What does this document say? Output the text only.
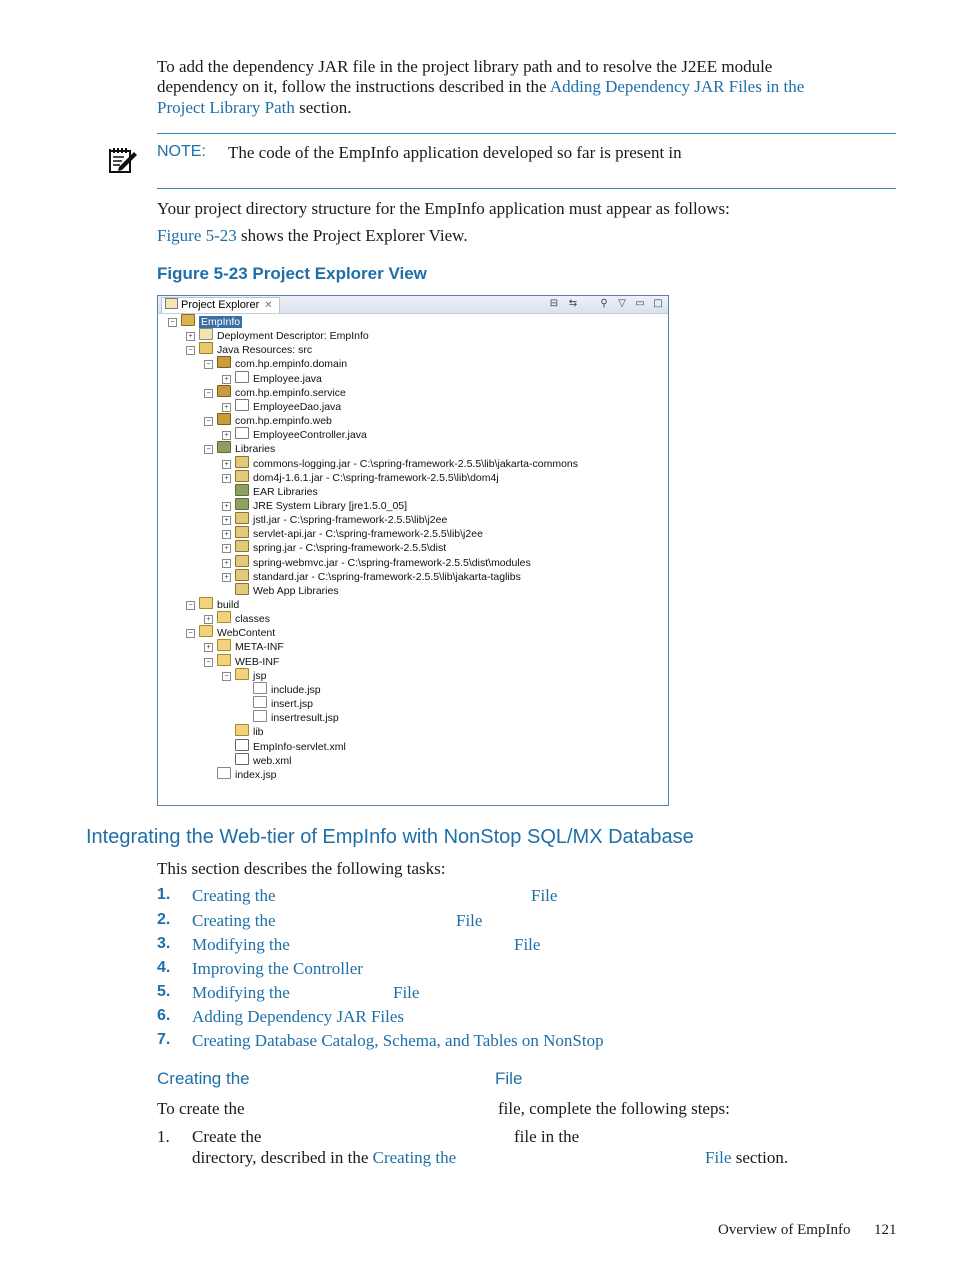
To add the dependency JAR file in the project library path and to resolve the J2EE module
dependency on it, follow the instructions described in the Adding Dependency JAR Files in the
Project Library Path section.
NOTE: The code of the EmpInfo application developed so far is present in
Your project directory structure for the EmpInfo application must appear as follows:
Figure 5-23 shows the Project Explorer View.
Figure 5-23 Project Explorer View
Project Explorer ✕	⊟ ⇆ ⚲ ▽ ▭ □
−	EmpInfo
+ Deployment Descriptor: EmpInfo
− Java Resources: src
− com.hp.empinfo.domain
+ Employee.java
− com.hp.empinfo.service
+ EmployeeDao.java
− com.hp.empinfo.web
+ EmployeeController.java
− Libraries
+ commons-logging.jar - C:\spring-framework-2.5.5\lib\jakarta-commons
+ dom4j-1.6.1.jar - C:\spring-framework-2.5.5\lib\dom4j
EAR Libraries
+ JRE System Library [jre1.5.0_05]
+ jstl.jar - C:\spring-framework-2.5.5\lib\j2ee
+ servlet-api.jar - C:\spring-framework-2.5.5\lib\j2ee
+ spring.jar - C:\spring-framework-2.5.5\dist
+ spring-webmvc.jar - C:\spring-framework-2.5.5\dist\modules
+ standard.jar - C:\spring-framework-2.5.5\lib\jakarta-taglibs
Web App Libraries
− build
+ classes
− WebContent
+ META-INF
− WEB-INF
− jsp
include.jsp
insert.jsp
insertresult.jsp
lib
EmpInfo-servlet.xml
web.xml
index.jsp
Integrating the Web-tier of EmpInfo with NonStop SQL/MX Database
This section describes the following tasks:
1. Creating the	File
2. Creating the	File
3. Modifying the	File
4. Improving the Controller
5. Modifying the	File
6. Adding Dependency JAR Files
7. Creating Database Catalog, Schema, and Tables on NonStop
Creating the	File
To create the	file, complete the following steps:
1. Create the	file in the
directory, described in the Creating the	File section.
Overview of EmpInfo 121
